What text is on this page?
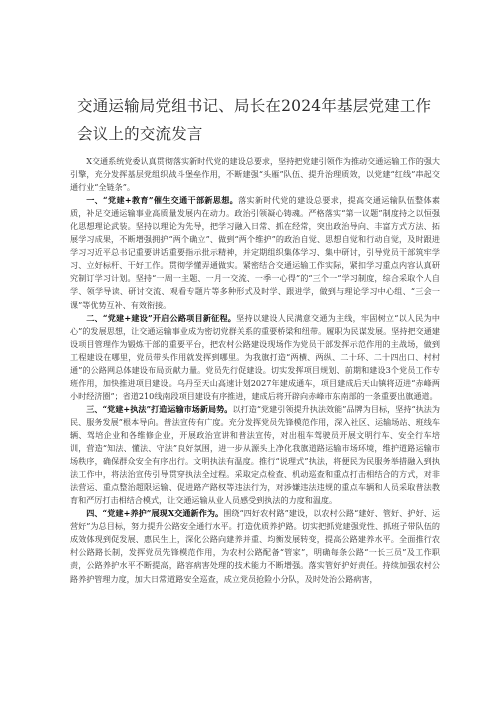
交通运输局党组书记、局长在2024年基层党建工作
会议上的交流发言

X交通系统党委认真贯彻落实新时代党的建设总要求，坚持把党建引领作为推动交通运输工作的强大引擎，充分发挥基层党组织战斗堡垒作用，不断建强“头雁”队伍、提升治理质效，以党建“红线”串起交通行业“全链条”。

一、“党建+教育”催生交通干部新思想。落实新时代党的建设总要求，提高交通运输队伍整体素质，补足交通运输事业高质量发展内在动力。政治引领凝心铸魂。严格落实“第一议题”制度持之以恒强化思想理论武装。坚持以理论为先导，把学习融入日常、抓在经常，突出政治导向、丰富方式方法、拓展学习成果，不断增强拥护“两个确立”、做到“两个维护”的政治自觉、思想自觉和行动自觉，及时跟进学习习近平总书记重要讲话重要指示批示精神，并定期组织集体学习、集中研讨，引导党员干部筑牢学习、立好标杆、干好工作。贯彻学懂弄通做实。紧密结合交通运输工作实际，紧扣学习重点内容认真研究制订学习计划。坚持“一周一主题、一月一交流、一季一心得”的“三个一”学习制度，综合采取个人自学、领学导读、研讨交流、观看专题片等多种形式及时学、跟进学，做到与理论学习中心组、“三会一课”等优势互补、有效衔接。

二、“党建+建设”开启公路项目新征程。坚持以建设人民满意交通为主线，牢固树立“以人民为中心”的发展思想，让交通运输事业成为密切党群关系的重要桥梁和纽带。履职为民谋发展。坚持把交通建设项目管理作为锻炼干部的重要平台，把农村公路建设现场作为党员干部发挥示范作用的主战场，做到工程建设在哪里，党员带头作用就发挥到哪里。为我旗打造“两横、两纵、二十环、二十四出口、村村通”的公路网总体建设布局贡献力量。党员先行促建设。切实发挥项目规划、前期和建设3个党员工作专班作用，加快推进项目建设。乌丹至天山高速计划2027年建成通车，项目建成后天山镇将迈进“赤峰两小时经济圈”；省道210线南段项目建设有序推进，建成后将开辟向赤峰市东南部的一条重要出旗通道。

三、“党建+执法”打造运输市场新局势。以打造“党建引领提升执法效能”品牌为目标，坚持“执法为民、服务发展”根本导向。普法宣传有广度。充分发挥党员先锋模范作用，深入社区、运输场站、班线车辆、驾培企业和各维修企业，开展政治宣讲和普法宣传，对出租车驾驶员开展文明行车、安全行车培训，营造“知法、懂法、守法”良好氛围，进一步从源头上净化我旗道路运输市场环境，维护道路运输市场秩序，确保群众安全有序出行。文明执法有温度。推行“说理式”执法，将便民为民服务举措融入到执法工作中，将法治宣传引导贯穿执法全过程。采取定点检查、机动巡查和重点打击相结合的方式，对非法营运、重点整治超限运输、促进路产路权等违法行为，对涉嫌违法违规的重点车辆和人员采取普法教育和严厉打击相结合模式，让交通运输从业人员感受到执法的力度和温度。

四、“党建+养护”展现X交通新作为。围绕“四好农村路”建设，以农村公路“建好、管好、护好、运营好”为总目标，努力提升公路安全通行水平。打造优质养护路。切实把抓党建强党性、抓班子带队伍的成效体现到促发展、惠民生上，深化公路向建养并重、均衡发展转变，提高公路建养水平。全面推行农村公路路长制，发挥党员先锋模范作用，为农村公路配备“管家”，明确每条公路“一长三员”及工作职责，公路养护水平不断提高，路容病害处理的技术能力不断增强。落实管好护好责任。持续加强农村公路养护管理力度，加大日常道路安全巡查，成立党员抢险小分队，及时处治公路病害，
